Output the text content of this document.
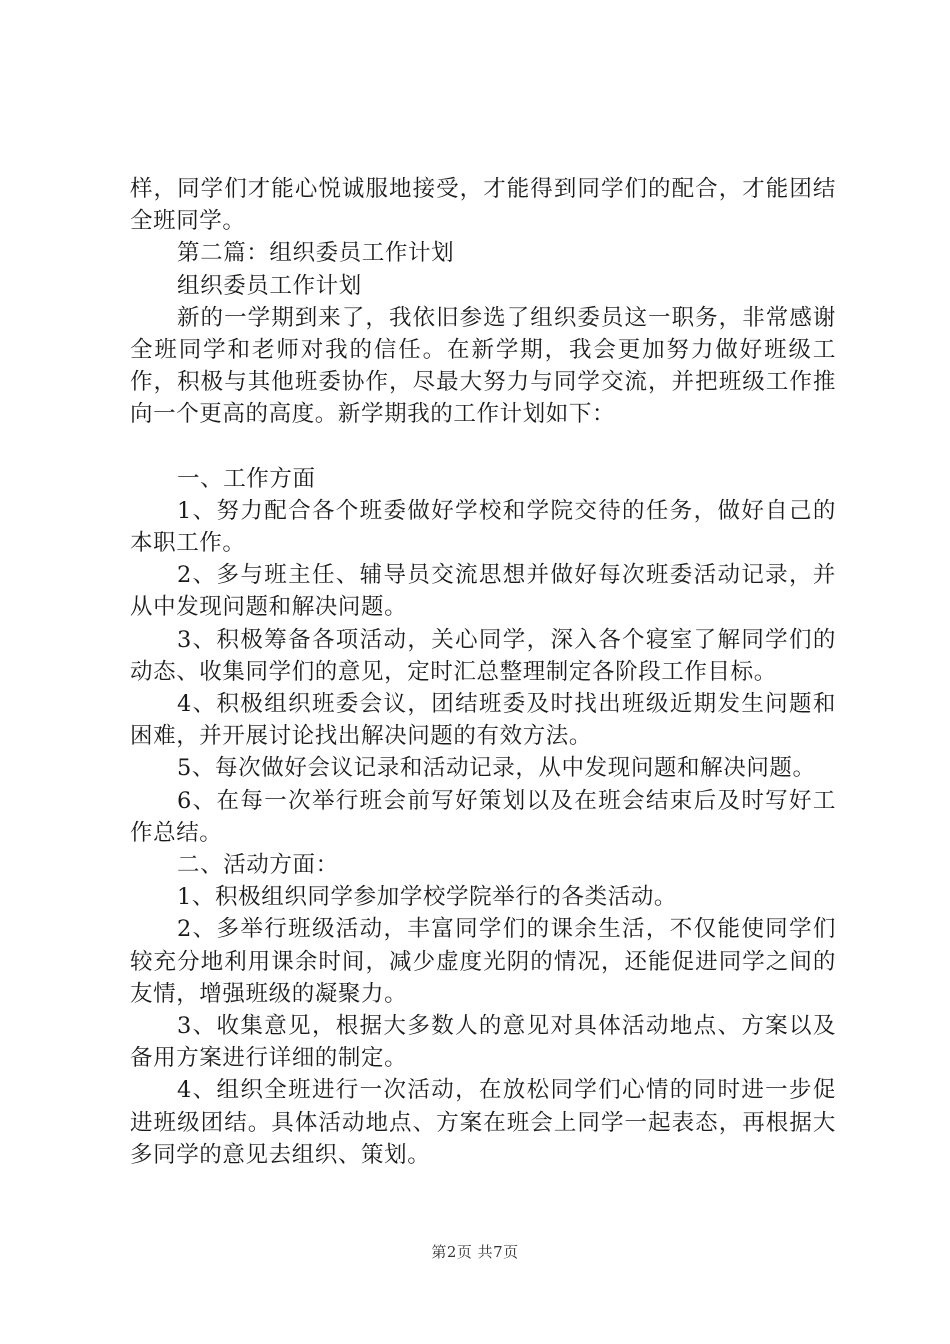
样，同学们才能心悦诚服地接受，才能得到同学们的配合，才能团结全班同学。

第二篇：组织委员工作计划

组织委员工作计划

新的一学期到来了，我依旧参选了组织委员这一职务，非常感谢全班同学和老师对我的信任。在新学期，我会更加努力做好班级工作，积极与其他班委协作，尽最大努力与同学交流，并把班级工作推向一个更高的高度。新学期我的工作计划如下：

一、工作方面

1、努力配合各个班委做好学校和学院交待的任务，做好自己的本职工作。

2、多与班主任、辅导员交流思想并做好每次班委活动记录，并从中发现问题和解决问题。

3、积极筹备各项活动，关心同学，深入各个寝室了解同学们的动态、收集同学们的意见，定时汇总整理制定各阶段工作目标。

4、积极组织班委会议，团结班委及时找出班级近期发生问题和困难，并开展讨论找出解决问题的有效方法。

5、每次做好会议记录和活动记录，从中发现问题和解决问题。

6、在每一次举行班会前写好策划以及在班会结束后及时写好工作总结。

二、活动方面：

1、积极组织同学参加学校学院举行的各类活动。

2、多举行班级活动，丰富同学们的课余生活，不仅能使同学们较充分地利用课余时间，减少虚度光阴的情况，还能促进同学之间的友情，增强班级的凝聚力。

3、收集意见，根据大多数人的意见对具体活动地点、方案以及备用方案进行详细的制定。

4、组织全班进行一次活动，在放松同学们心情的同时进一步促进班级团结。具体活动地点、方案在班会上同学一起表态，再根据大多同学的意见去组织、策划。

第2页 共7页
